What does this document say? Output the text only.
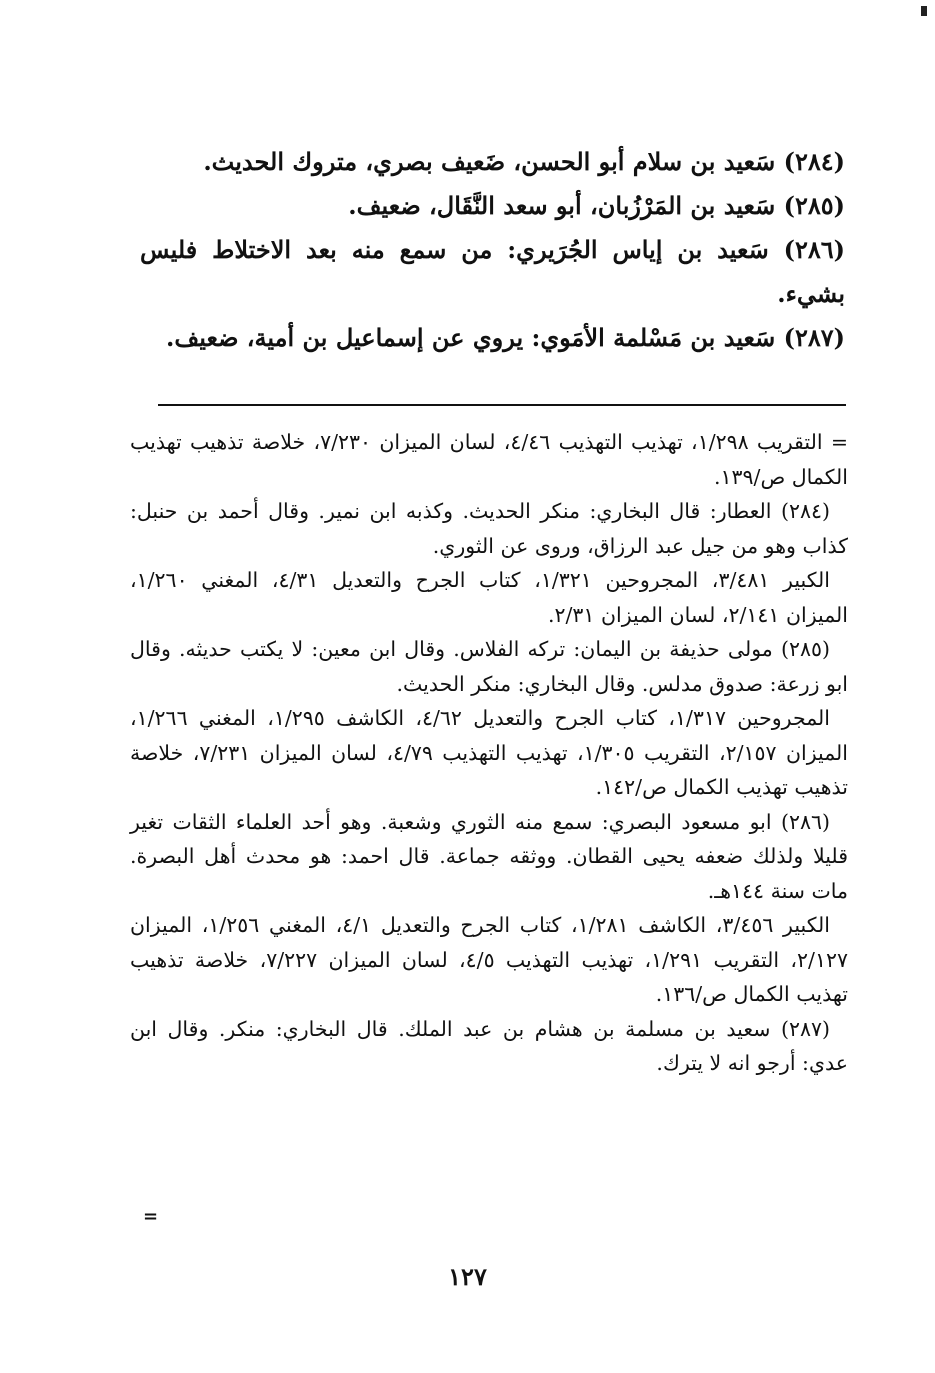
(٢٨٤) سَعيد بن سلام أبو الحسن، ضَعيف بصري، متروك الحديث.

(٢٨٥) سَعيد بن المَرْزُبان، أبو سعد النَّقَال، ضعيف.

(٢٨٦) سَعيد بن إياس الجُرَيري: من سمع منه بعد الاختلاط فليس بشيء.

(٢٨٧) سَعيد بن مَسْلمة الأمَوي: يروي عن إسماعيل بن أمية، ضعيف.

= التقريب ١/٢٩٨، تهذيب التهذيب ٤/٤٦، لسان الميزان ٧/٢٣٠، خلاصة تذهيب تهذيب الكمال ص/١٣٩.

(٢٨٤) العطار: قال البخاري: منكر الحديث. وكذبه ابن نمير. وقال أحمد بن حنبل: كذاب وهو من جيل عبد الرزاق، وروى عن الثوري.

الكبير ٣/٤٨١، المجروحين ١/٣٢١، كتاب الجرح والتعديل ٤/٣١، المغني ١/٢٦٠، الميزان ٢/١٤١، لسان الميزان ٢/٣١.

(٢٨٥) مولى حذيفة بن اليمان: تركه الفلاس. وقال ابن معين: لا يكتب حديثه. وقال ابو زرعة: صدوق مدلس. وقال البخاري: منكر الحديث.

المجروحين ١/٣١٧، كتاب الجرح والتعديل ٤/٦٢، الكاشف ١/٢٩٥، المغني ١/٢٦٦، الميزان ٢/١٥٧، التقريب ١/٣٠٥، تهذيب التهذيب ٤/٧٩، لسان الميزان ٧/٢٣١، خلاصة تذهيب تهذيب الكمال ص/١٤٢.

(٢٨٦) ابو مسعود البصري: سمع منه الثوري وشعبة. وهو أحد العلماء الثقات تغير قليلا ولذلك ضعفه يحيى القطان. ووثقه جماعة. قال احمد: هو محدث أهل البصرة. مات سنة ١٤٤هـ.

الكبير ٣/٤٥٦، الكاشف ١/٢٨١، كتاب الجرح والتعديل ٤/١، المغني ١/٢٥٦، الميزان ٢/١٢٧، التقريب ١/٢٩١، تهذيب التهذيب ٤/٥، لسان الميزان ٧/٢٢٧، خلاصة تذهيب تهذيب الكمال ص/١٣٦.

(٢٨٧) سعيد بن مسلمة بن هشام بن عبد الملك. قال البخاري: منكر. وقال ابن عدي: أرجو انه لا يترك.

=
١٢٧
